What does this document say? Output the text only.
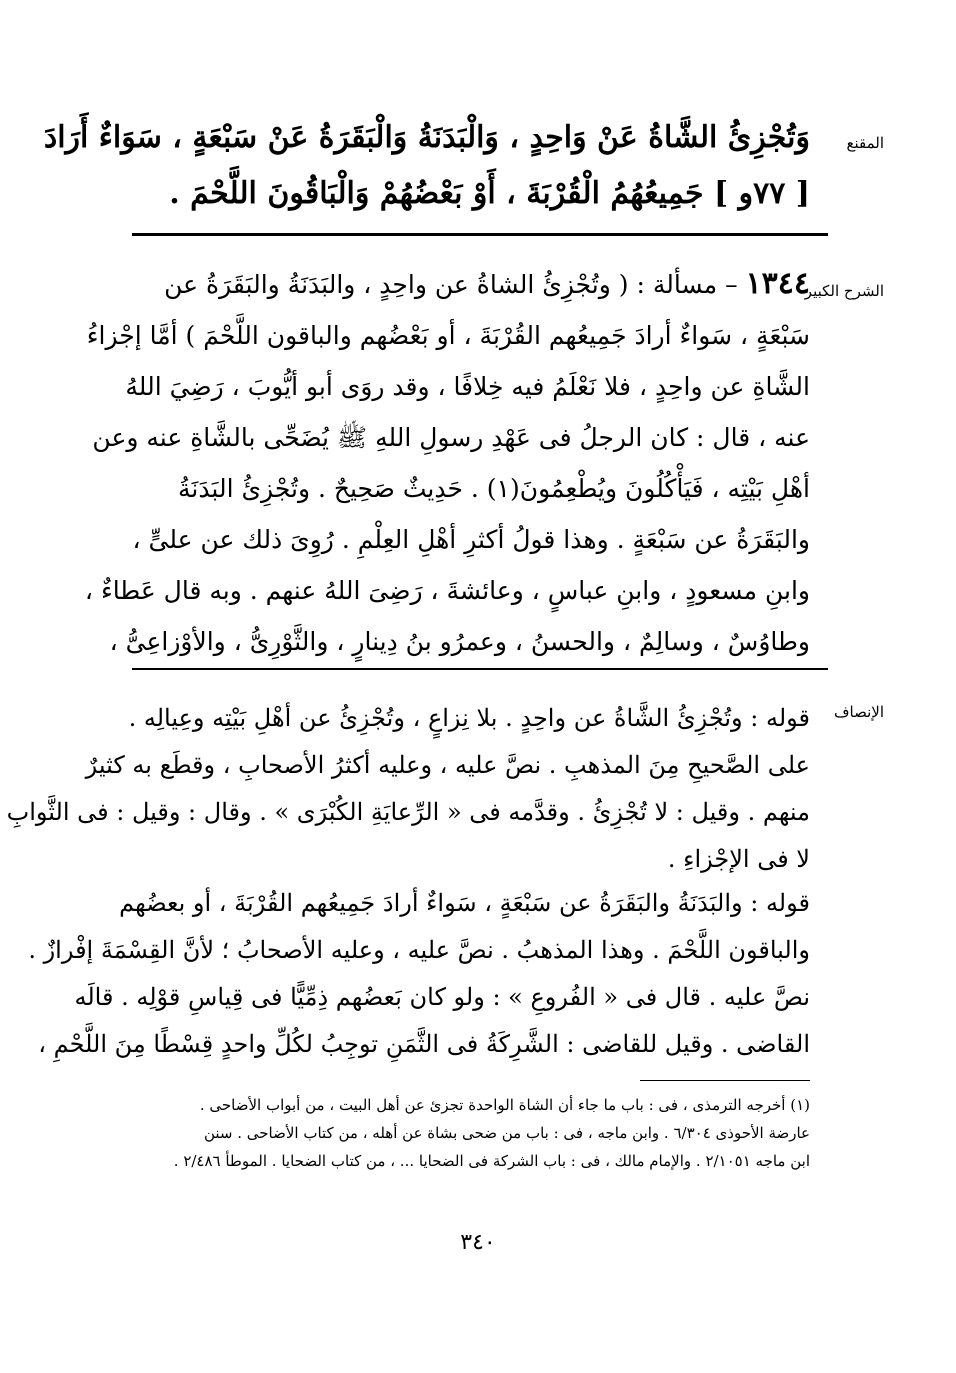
المقنع
وَتُجْزِئُ الشَّاةُ عَنْ وَاحِدٍ ، وَالْبَدَنَةُ وَالْبَقَرَةُ عَنْ سَبْعَةٍ ، سَوَاءٌ أَرَادَ
[ ٧٧و ] جَمِيعُهُمُ الْقُرْبَةَ ، أَوْ بَعْضُهُمْ وَالْبَاقُونَ اللَّحْمَ .
الشرح الكبير
١٣٤٤ – مسألة : ( وتُجْزِئُ الشاةُ عن واحِدٍ ، والبَدَنَةُ والبَقَرَةُ عن
سَبْعَةٍ ، سَواءٌ أرادَ جَمِيعُهم القُرْبَةَ ، أو بَعْضُهم والباقون اللَّحْمَ ) أمَّا إجْزاءُ
الشَّاةِ عن واحِدٍ ، فلا نَعْلَمُ فيه خِلافًا ، وقد روَى أبو أيُّوبَ ، رَضِيَ اللهُ
عنه ، قال : كان الرجلُ فى عَهْدِ رسولِ اللهِ ﷺ يُضَحِّى بالشَّاةِ عنه وعن
أهْلِ بَيْتِه ، فَيَأْكُلُونَ ويُطْعِمُونَ(١) . حَدِيثٌ صَحِيحٌ . وتُجْزِئُ البَدَنَةُ
والبَقَرَةُ عن سَبْعَةٍ . وهذا قولُ أكثرِ أهْلِ العِلْمِ . رُوِىَ ذلك عن علىٍّ ،
وابنِ مسعودٍ ، وابنِ عباسٍ ، وعائشةَ ، رَضِىَ اللهُ عنهم . وبه قال عَطاءٌ ،
وطاوُسٌ ، وسالِمٌ ، والحسنُ ، وعمرُو بنُ دِينارٍ ، والثَّوْرِىُّ ، والأوْزاعِىُّ ،
الإنصاف
قوله : وتُجْزِئُ الشَّاةُ عن واحِدٍ . بلا نِزاعٍ ، وتُجْزِئُ عن أهْلِ بَيْتِه وعِيالِه .
على الصَّحيحِ مِنَ المذهبِ . نصَّ عليه ، وعليه أكثرُ الأصحابِ ، وقطَع به كثيرٌ
منهم . وقيل : لا تُجْزِئُ . وقدَّمه فى « الرِّعايَةِ الكُبْرَى » . وقال : وقيل : فى الثَّوابِ
لا فى الإجْزاءِ .
قوله : والبَدَنَةُ والبَقَرَةُ عن سَبْعَةٍ ، سَواءٌ أرادَ جَمِيعُهم القُرْبَةَ ، أو بعضُهم
والباقون اللَّحْمَ . وهذا المذهبُ . نصَّ عليه ، وعليه الأصحابُ ؛ لأنَّ القِسْمَةَ إفْرازٌ .
نصَّ عليه . قال فى « الفُروعِ » : ولو كان بَعضُهم ذِمِّيًّا فى قِياسِ قوْلِه . قالَه
القاضى . وقيل للقاضى : الشَّرِكَةُ فى الثَّمَنِ توجِبُ لكُلِّ واحدٍ قِسْطًا مِنَ اللَّحْمِ ،
(١) أخرجه الترمذى ، فى : باب ما جاء أن الشاة الواحدة تجزئ عن أهل البيت ، من أبواب الأضاحى .
عارضة الأحوذى ٦/٣٠٤ . وابن ماجه ، فى : باب من ضحى بشاة عن أهله ، من كتاب الأضاحى . سنن
ابن ماجه ٢/١٠٥١ . والإمام مالك ، فى : باب الشركة فى الضحايا ... ، من كتاب الضحايا . الموطأ ٢/٤٨٦ .
٣٤٠
